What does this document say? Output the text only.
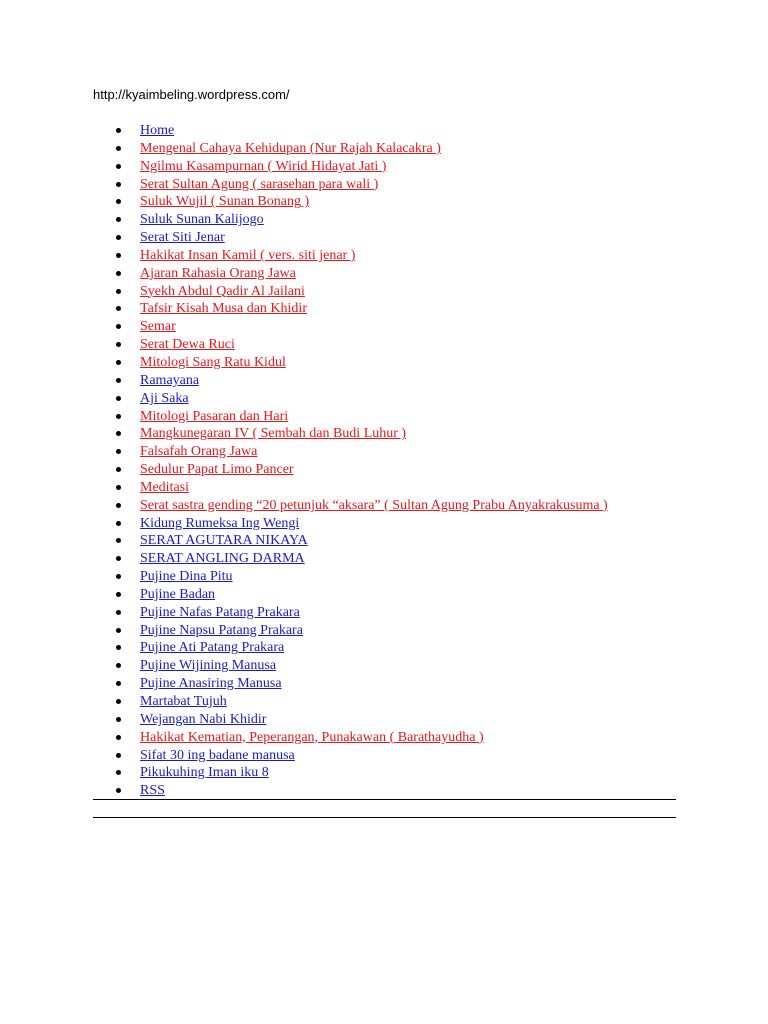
http://kyaimbeling.wordpress.com/
Home
Mengenal Cahaya Kehidupan (Nur Rajah Kalacakra )
Ngilmu Kasampurnan ( Wirid Hidayat Jati )
Serat Sultan Agung ( sarasehan para wali )
Suluk Wujil ( Sunan Bonang )
Suluk Sunan Kalijogo
Serat Siti Jenar
Hakikat Insan Kamil ( vers. siti jenar )
Ajaran Rahasia Orang Jawa
Syekh Abdul Qadir Al Jailani
Tafsir Kisah Musa dan Khidir
Semar
Serat Dewa Ruci
Mitologi Sang Ratu Kidul
Ramayana
Aji Saka
Mitologi Pasaran dan Hari
Mangkunegaran IV ( Sembah dan Budi Luhur )
Falsafah Orang Jawa
Sedulur Papat Limo Pancer
Meditasi
Serat sastra gending “20 petunjuk “aksara” ( Sultan Agung Prabu Anyakrakusuma )
Kidung Rumeksa Ing Wengi
SERAT AGUTARA NIKAYA
SERAT ANGLING DARMA
Pujine Dina Pitu
Pujine Badan
Pujine Nafas Patang Prakara
Pujine Napsu Patang Prakara
Pujine Ati Patang Prakara
Pujine Wijining Manusa
Pujine Anasiring Manusa
Martabat Tujuh
Wejangan Nabi Khidir
Hakikat Kematian, Peperangan, Punakawan ( Barathayudha )
Sifat 30 ing badane manusa
Pikukuhing Iman iku 8
RSS
